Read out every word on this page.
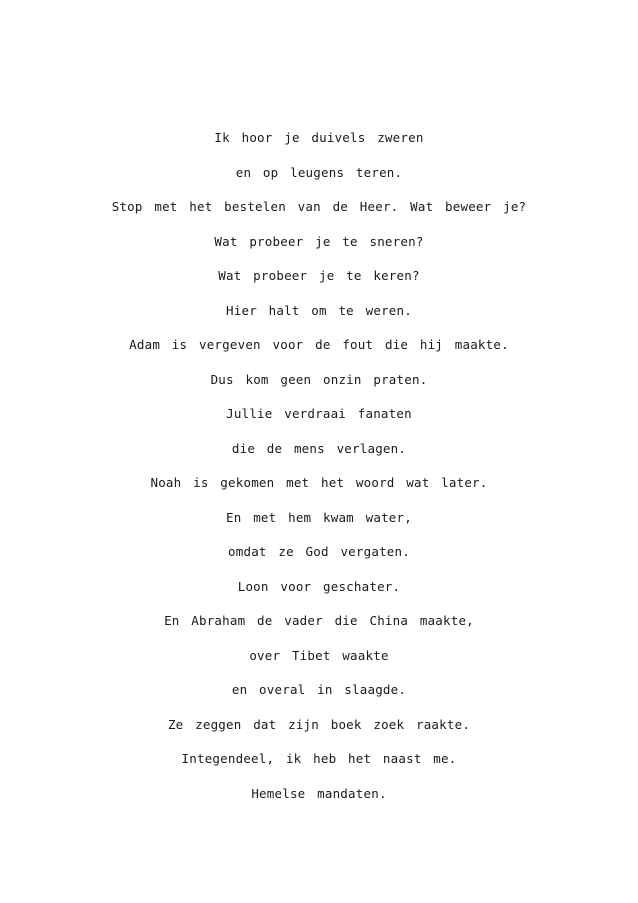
Ik hoor je duivels zweren
en op leugens teren.
Stop met het bestelen van de Heer. Wat beweer je?
Wat probeer je te sneren?
Wat probeer je te keren?
Hier halt om te weren.
Adam is vergeven voor de fout die hij maakte.
Dus kom geen onzin praten.
Jullie verdraai fanaten
die de mens verlagen.
Noah is gekomen met het woord wat later.
En met hem kwam water,
omdat ze God vergaten.
Loon voor geschater.
En Abraham de vader die China maakte,
over Tibet waakte
en overal in slaagde.
Ze zeggen dat zijn boek zoek raakte.
Integendeel, ik heb het naast me.
Hemelse mandaten.
